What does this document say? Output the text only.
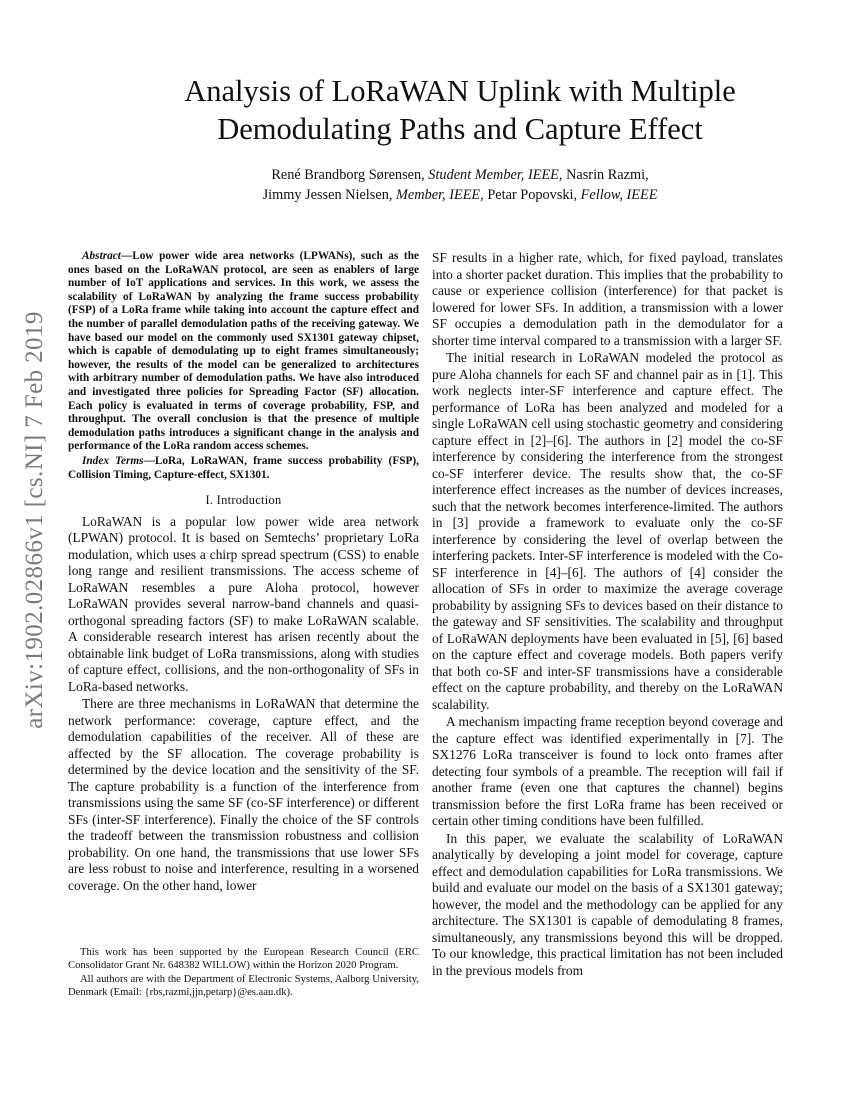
arXiv:1902.02866v1 [cs.NI] 7 Feb 2019
Analysis of LoRaWAN Uplink with Multiple
Demodulating Paths and Capture Effect
René Brandborg Sørensen, Student Member, IEEE, Nasrin Razmi,
Jimmy Jessen Nielsen, Member, IEEE, Petar Popovski, Fellow, IEEE

Abstract—Low power wide area networks (LPWANs), such as the ones based on the LoRaWAN protocol, are seen as enablers of large number of IoT applications and services. In this work, we assess the scalability of LoRaWAN by analyzing the frame success probability (FSP) of a LoRa frame while taking into account the capture effect and the number of parallel demodulation paths of the receiving gateway. We have based our model on the commonly used SX1301 gateway chipset, which is capable of demodulating up to eight frames simultaneously; however, the results of the model can be generalized to architectures with arbitrary number of demodulation paths. We have also introduced and investigated three policies for Spreading Factor (SF) allocation. Each policy is evaluated in terms of coverage probability, FSP, and throughput. The overall conclusion is that the presence of multiple demodulation paths introduces a significant change in the analysis and performance of the LoRa random access schemes.

Index Terms—LoRa, LoRaWAN, frame success probability (FSP), Collision Timing, Capture-effect, SX1301.

I. Introduction

LoRaWAN is a popular low power wide area network (LPWAN) protocol. It is based on Semtechs’ proprietary LoRa modulation, which uses a chirp spread spectrum (CSS) to enable long range and resilient transmissions. The access scheme of LoRaWAN resembles a pure Aloha protocol, however LoRaWAN provides several narrow-band channels and quasi-orthogonal spreading factors (SF) to make LoRaWAN scalable. A considerable research interest has arisen recently about the obtainable link budget of LoRa transmissions, along with studies of capture effect, collisions, and the non-orthogonality of SFs in LoRa-based networks.

There are three mechanisms in LoRaWAN that determine the network performance: coverage, capture effect, and the demodulation capabilities of the receiver. All of these are affected by the SF allocation. The coverage probability is determined by the device location and the sensitivity of the SF. The capture probability is a function of the interference from transmissions using the same SF (co-SF interference) or different SFs (inter-SF interference). Finally the choice of the SF controls the tradeoff between the transmission robustness and collision probability. On one hand, the transmissions that use lower SFs are less robust to noise and interference, resulting in a worsened coverage. On the other hand, lower

This work has been supported by the European Research Council (ERC Consolidator Grant Nr. 648382 WILLOW) within the Horizon 2020 Program.

All authors are with the Department of Electronic Systems, Aalborg University, Denmark (Email: {rbs,razmi,jjn,petarp}@es.aau.dk).

SF results in a higher rate, which, for fixed payload, translates into a shorter packet duration. This implies that the probability to cause or experience collision (interference) for that packet is lowered for lower SFs. In addition, a transmission with a lower SF occupies a demodulation path in the demodulator for a shorter time interval compared to a transmission with a larger SF.

The initial research in LoRaWAN modeled the protocol as pure Aloha channels for each SF and channel pair as in [1]. This work neglects inter-SF interference and capture effect. The performance of LoRa has been analyzed and modeled for a single LoRaWAN cell using stochastic geometry and considering capture effect in [2]–[6]. The authors in [2] model the co-SF interference by considering the interference from the strongest co-SF interferer device. The results show that, the co-SF interference effect increases as the number of devices increases, such that the network becomes interference-limited. The authors in [3] provide a framework to evaluate only the co-SF interference by considering the level of overlap between the interfering packets. Inter-SF interference is modeled with the Co-SF interference in [4]–[6]. The authors of [4] consider the allocation of SFs in order to maximize the average coverage probability by assigning SFs to devices based on their distance to the gateway and SF sensitivities. The scalability and throughput of LoRaWAN deployments have been evaluated in [5], [6] based on the capture effect and coverage models. Both papers verify that both co-SF and inter-SF transmissions have a considerable effect on the capture probability, and thereby on the LoRaWAN scalability.

A mechanism impacting frame reception beyond coverage and the capture effect was identified experimentally in [7]. The SX1276 LoRa transceiver is found to lock onto frames after detecting four symbols of a preamble. The reception will fail if another frame (even one that captures the channel) begins transmission before the first LoRa frame has been received or certain other timing conditions have been fulfilled.

In this paper, we evaluate the scalability of LoRaWAN analytically by developing a joint model for coverage, capture effect and demodulation capabilities for LoRa transmissions. We build and evaluate our model on the basis of a SX1301 gateway; however, the model and the methodology can be applied for any architecture. The SX1301 is capable of demodulating 8 frames, simultaneously, any transmissions beyond this will be dropped. To our knowledge, this practical limitation has not been included in the previous models from
